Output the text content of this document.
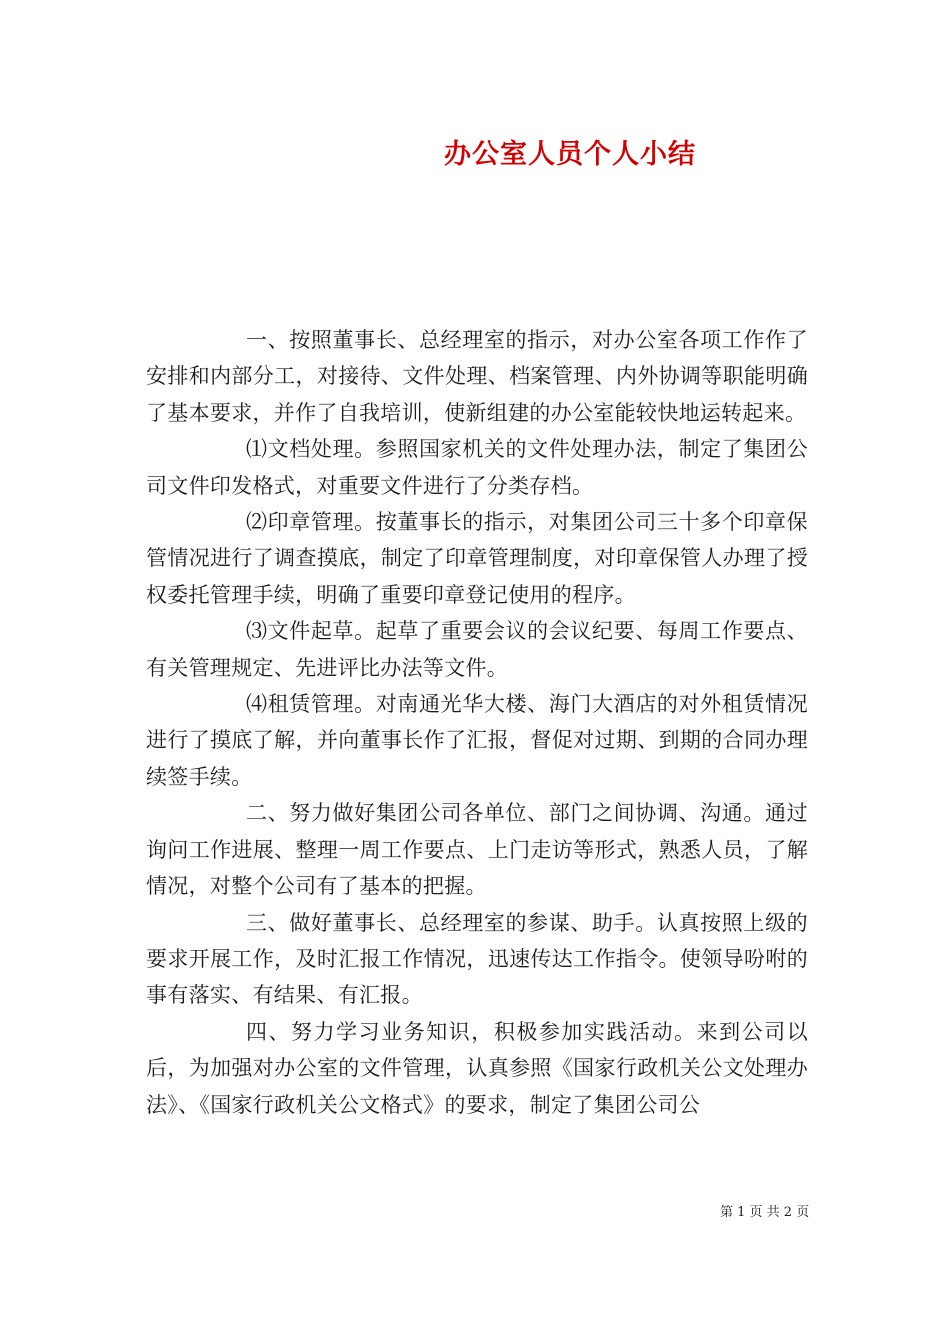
办公室人员个人小结

一、按照董事长、总经理室的指示，对办公室各项工作作了安排和内部分工，对接待、文件处理、档案管理、内外协调等职能明确了基本要求，并作了自我培训，使新组建的办公室能较快地运转起来。

⑴文档处理。参照国家机关的文件处理办法，制定了集团公司文件印发格式，对重要文件进行了分类存档。

⑵印章管理。按董事长的指示，对集团公司三十多个印章保管情况进行了调查摸底，制定了印章管理制度，对印章保管人办理了授权委托管理手续，明确了重要印章登记使用的程序。

⑶文件起草。起草了重要会议的会议纪要、每周工作要点、有关管理规定、先进评比办法等文件。

⑷租赁管理。对南通光华大楼、海门大酒店的对外租赁情况进行了摸底了解，并向董事长作了汇报，督促对过期、到期的合同办理续签手续。

二、努力做好集团公司各单位、部门之间协调、沟通。通过询问工作进展、整理一周工作要点、上门走访等形式，熟悉人员，了解情况，对整个公司有了基本的把握。

三、做好董事长、总经理室的参谋、助手。认真按照上级的要求开展工作，及时汇报工作情况，迅速传达工作指令。使领导吩咐的事有落实、有结果、有汇报。

四、努力学习业务知识，积极参加实践活动。来到公司以后，为加强对办公室的文件管理，认真参照《国家行政机关公文处理办法》、《国家行政机关公文格式》的要求，制定了集团公司公

第 1 页 共 2 页
